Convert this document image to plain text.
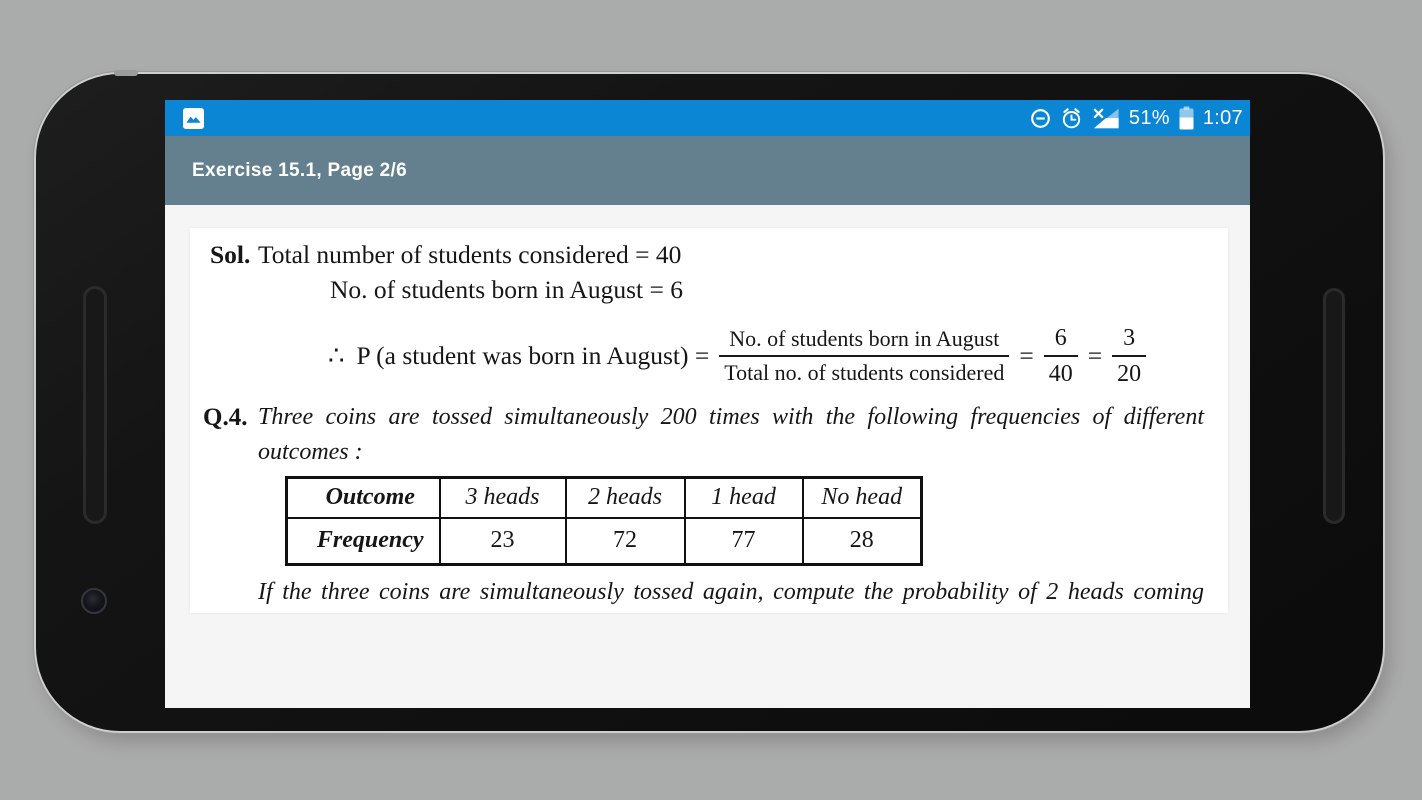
51% 1:07
Exercise 15.1, Page 2/6
Sol. Total number of students considered = 40
No. of students born in August = 6
∴ P (a student was born in August) = $\frac{\text{No. of students born in August}}{\text{Total no. of students considered}} = \frac{6}{40} = \frac{3}{20}$
Q.4. Three coins are tossed simultaneously 200 times with the following frequencies of different
outcomes :
Outcome	3 heads	2 heads	1 head	No head
Frequency	23	72	77	28
If the three coins are simultaneously tossed again, compute the probability of 2 heads coming
